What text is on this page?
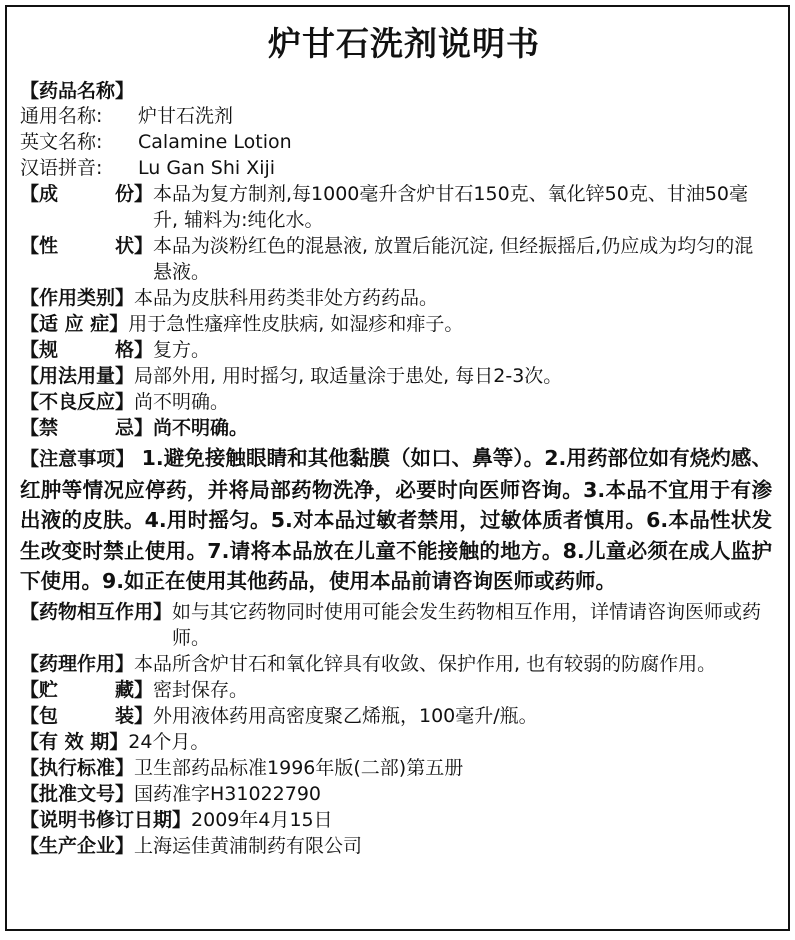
炉甘石洗剂说明书
【药品名称】
通用名称: 炉甘石洗剂
英文名称: Calamine Lotion
汉语拼音: Lu Gan Shi Xiji
【成	份】 本品为复方制剂,每1000毫升含炉甘石150克、氧化锌50克、甘油50毫升, 辅料为:纯化水。
【性	状】 本品为淡粉红色的混悬液, 放置后能沉淀, 但经振摇后,仍应成为均匀的混悬液。
【作用类别】 本品为皮肤科用药类非处方药药品。
【适 应 症】 用于急性瘙痒性皮肤病, 如湿疹和痱子。
【规	格】 复方。
【用法用量】 局部外用, 用时摇匀, 取适量涂于患处, 每日2-3次。
【不良反应】 尚不明确。
【禁	忌】 尚不明确。
【注意事项】 1.避免接触眼睛和其他黏膜（如口、鼻等）。2.用药部位如有烧灼感、红肿等情况应停药，并将局部药物洗净，必要时向医师咨询。3.本品不宜用于有渗出液的皮肤。4.用时摇匀。5.对本品过敏者禁用，过敏体质者慎用。6.本品性状发生改变时禁止使用。7.请将本品放在儿童不能接触的地方。8.儿童必须在成人监护下使用。9.如正在使用其他药品，使用本品前请咨询医师或药师。
【药物相互作用】 如与其它药物同时使用可能会发生药物相互作用，详情请咨询医师或药师。
【药理作用】 本品所含炉甘石和氧化锌具有收敛、保护作用, 也有较弱的防腐作用。
【贮	藏】 密封保存。
【包	装】 外用液体药用高密度聚乙烯瓶，100毫升/瓶。
【有 效 期】 24个月。
【执行标准】 卫生部药品标准1996年版(二部)第五册
【批准文号】 国药准字H31022790
【说明书修订日期】 2009年4月15日
【生产企业】 上海运佳黄浦制药有限公司
